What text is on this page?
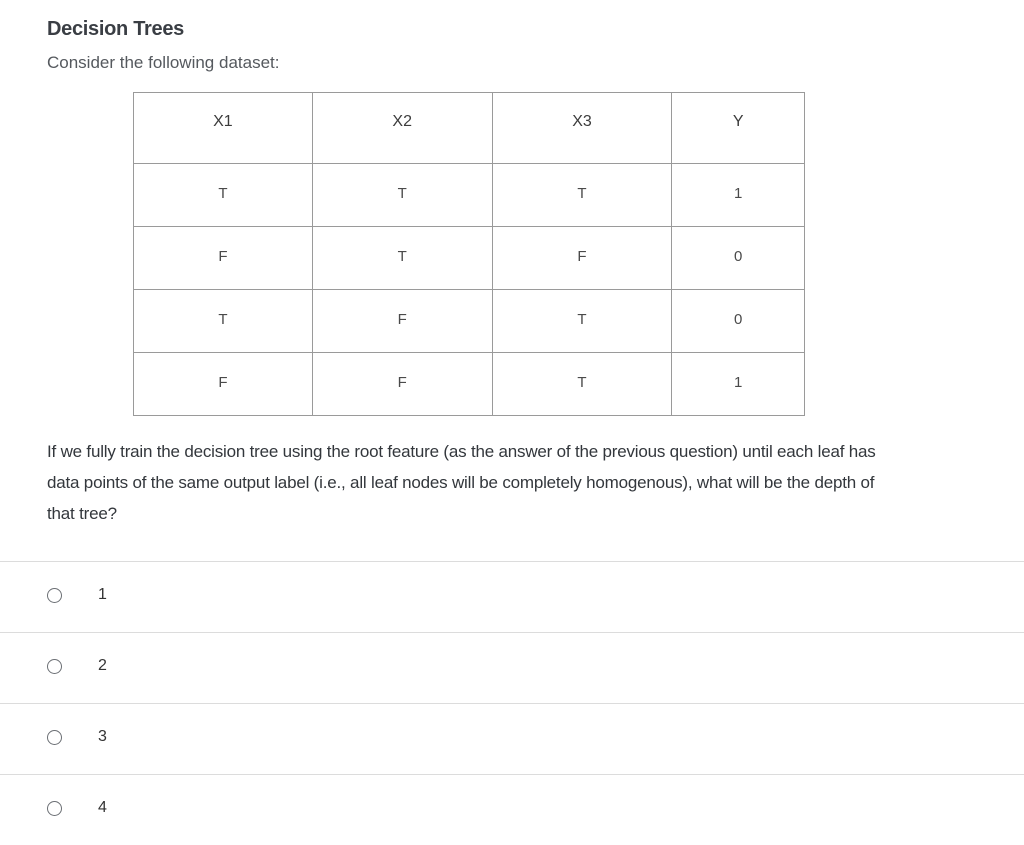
Decision Trees
Consider the following dataset:
X1	X2	X3	Y
T	T	T	1
F	T	F	0
T	F	T	0
F	F	T	1
If we fully train the decision tree using the root feature (as the answer of the previous question) until each leaf has data points of the same output label (i.e., all leaf nodes will be completely homogenous), what will be the depth of that tree?
1
2
3
4
